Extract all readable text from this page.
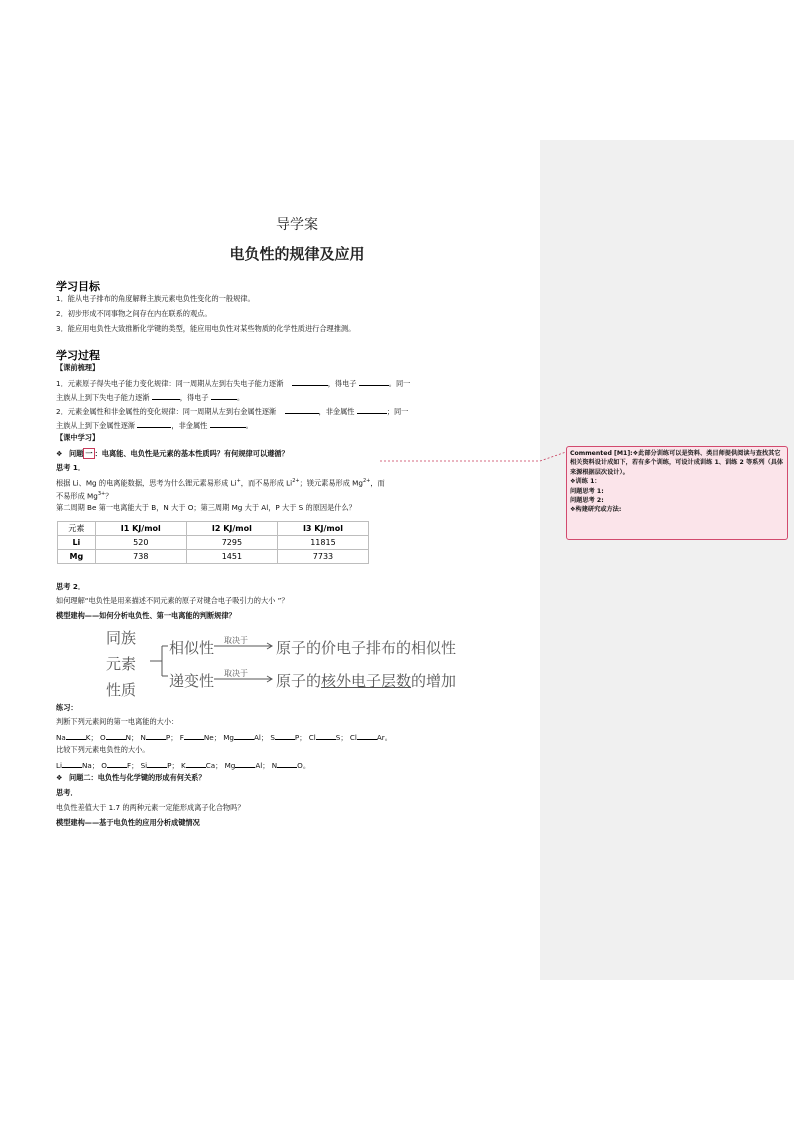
导学案
电负性的规律及应用
学习目标
1．能从电子排布的角度解释主族元素电负性变化的一般规律。
2．初步形成不同事物之间存在内在联系的观点。
3．能应用电负性大致推断化学键的类型，能应用电负性对某些物质的化学性质进行合理推测。
学习过程
【课前梳理】
1．元素原子得失电子能力变化规律：同一周期从左到右失电子能力逐渐	，得电子	。同一
主族从上到下失电子能力逐渐	，得电子	。
2．元素金属性和非金属性的变化规律：同一周期从左到右金属性逐渐	，非金属性	；同一
主族从上到下金属性逐渐	，非金属性	。
【课中学习】
❖ 问题 一 ：电离能、电负性是元素的基本性质吗？有何规律可以遵循？
思考 1．
根据 Li、Mg 的电离能数据，思考为什么锂元素易形成 Li+，而不易形成 $Li^{2+}$；镁元素易形成 $Mg^{2+}$，而
不易形成 $Mg^{3+}$？
第二周期 Be 第一电离能大于 B，N 大于 O；第三周期 Mg 大于 Al，P 大于 S 的原因是什么？
元素	I1 KJ/mol	I2 KJ/mol	I3 KJ/mol
Li	520	7295	11815
Mg	738	1451	7733
思考 2．
如何理解“电负性是用来描述不同元素的原子对键合电子吸引力的大小 ”？
模型建构——如何分析电负性、第一电离能的判断规律？
同族
元素
性质
相似性
递变性
取决于
取决于
原子的价电子排布的相似性
原子的核外电子层数的增加
练习：
判断下列元素间的第一电离能的大小：
Na	K； O	N； N	P； F	Ne； Mg	Al； S	P； Cl	S； Cl	Ar。
比较下列元素电负性的大小。
Li	Na； O	F； Si	P； K	Ca； Mg	Al； N	O。
❖ 问题二：电负性与化学键的形成有何关系？
思考．
电负性差值大于 1.7 的两种元素一定能形成离子化合物吗？
模型建构——基于电负性的应用分析成键情况
Commented [M1]:❖此部分训练可以是资料、类目师提供阅读与查找其它相关资料设计成如下，若有多个训练，可设计成训练 1、训练 2 等系列（具体来源根据层次设计）。
❖训练 1：
问题思考 1:
问题思考 2:
❖构建研究或方法:
